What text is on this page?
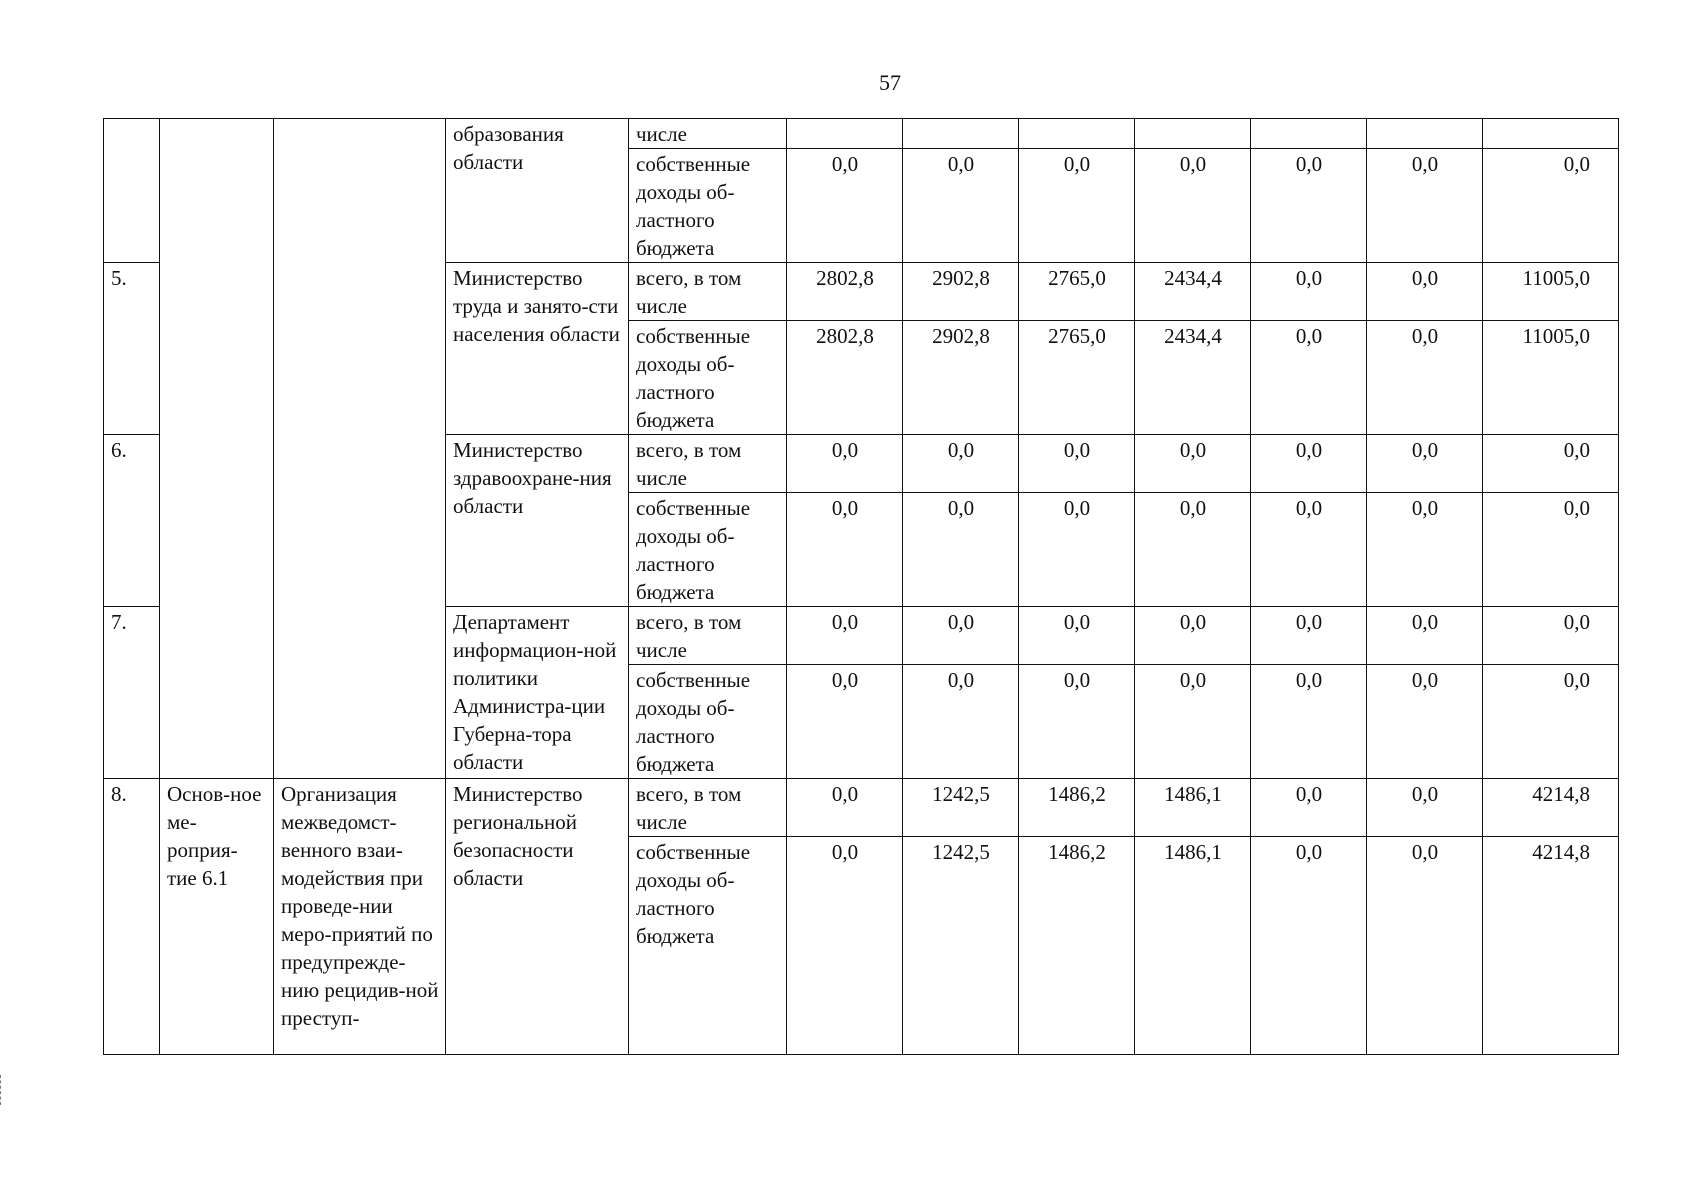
57
			образования области	числе							
				собственные доходы об-ластного бюджета	0,0	0,0	0,0	0,0	0,0	0,0	0,0
5.			Министерство труда и занято-сти населения области	всего, в том числе	2802,8	2902,8	2765,0	2434,4	0,0	0,0	11005,0
				собственные доходы об-ластного бюджета	2802,8	2902,8	2765,0	2434,4	0,0	0,0	11005,0
6.			Министерство здравоохране-ния области	всего, в том числе	0,0	0,0	0,0	0,0	0,0	0,0	0,0
				собственные доходы об-ластного бюджета	0,0	0,0	0,0	0,0	0,0	0,0	0,0
7.			Департамент информацион-ной политики Администра-ции Губерна-тора области	всего, в том числе	0,0	0,0	0,0	0,0	0,0	0,0	0,0
				собственные доходы об-ластного бюджета	0,0	0,0	0,0	0,0	0,0	0,0	0,0
8.	Основ-ное ме-роприя-тие 6.1	Организация межведомст-венного взаи-модействия при проведе-нии меро-приятий по предупрежде-нию рецидив-ной преступ-	Министерство региональной безопасности области	всего, в том числе	0,0	1242,5	1486,2	1486,1	0,0	0,0	4214,8
				собственные доходы об-ластного бюджета	0,0	1242,5	1486,2	1486,1	0,0	0,0	4214,8
